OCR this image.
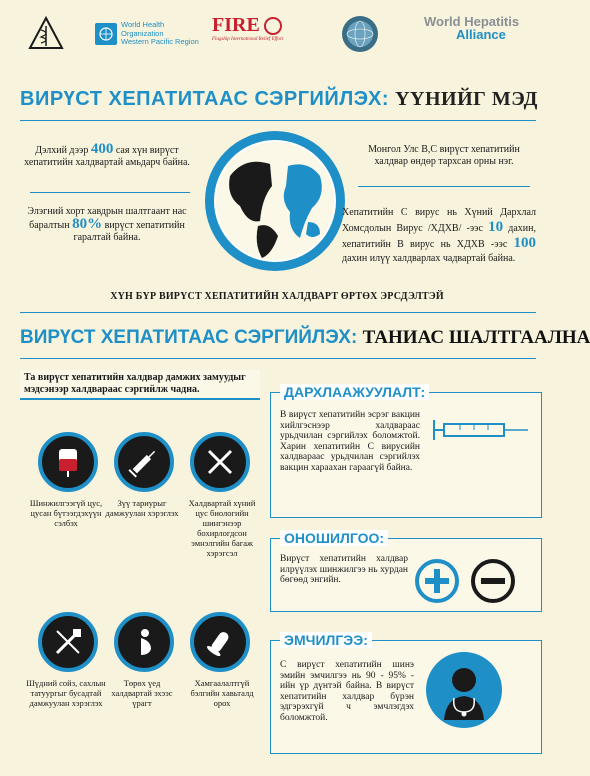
World Health
Organization
Western Pacific Region
FIRE
Flagship International Relief Effort
World Hepatitis
Alliance
ВИРҮСТ ХЕПАТИТААС СЭРГИЙЛЭХ: ҮҮНИЙГ МЭД
Дэлхий дээр 400 сая хүн вирүст хепатитийн халдвартай амьдарч байна.
Элэгний хорт хавдрын шалтгаант нас баралтын 80% вирүст хепатитийн гаралтай байна.
Монгол Улс В,С вирүст хепатитийн халдвар өндөр тархсан орны нэг.
Хепатитийн С вирус нь Хүний Дархлал Хомсдолын Вирус /ХДХВ/ -ээс 10 дахин, хепатитийн В вирус нь ХДХВ -ээс 100 дахин илүү халдварлах чадвартай байна.
ХҮН БҮР ВИРҮСТ ХЕПАТИТИЙН ХАЛДВАРТ ӨРТӨХ ЭРСДЭЛТЭЙ
ВИРҮСТ ХЕПАТИТААС СЭРГИЙЛЭХ: ТАНИАС ШАЛТГААЛНА
Та вирүст хепатитийн халдвар дамжих замуудыг мэдсэнээр халдвараас сэргийлж чадна.
Шинжилгээгүй цус, цусан бүтээгдэхүүн сэлбэх
Зүү тариурыг дамжуулан хэрэглэх
Халдвартай хүний цус биологийн шингэнээр бохирлогдсон эмнэлгийн багаж хэрэгсэл
Шүдний сойз, сахлын татуургыг бусадтай дамжуулан хэрэглэх
Төрөх үед халдвартай эхээс үрагт
Хамгаалалтгүй бэлгийн хавьталд орох
ДАРХЛААЖУУЛАЛТ:
В вирүст хепатитийн эсрэг вакцин хийлгэснээр халдвараас урьдчилан сэргийлэх боломжтой. Харин хепатитийн С вирусийн халдвараас урьдчилан сэргийлэх вакцин хараахан гараагүй байна.
ОНОШИЛГОО:
Вирүст хепатитийн халдвар илрүүлэх шинжилгээ нь хурдан бөгөөд энгийн.
ЭМЧИЛГЭЭ:
С вирүст хепатитийн шинэ эмийн эмчилгээ нь 90 - 95% - ийн үр дүнтэй байна. В вирүст хепатитийн халдвар бүрэн эдгэрэхгүй ч эмчлэгдэх боломжтой.
